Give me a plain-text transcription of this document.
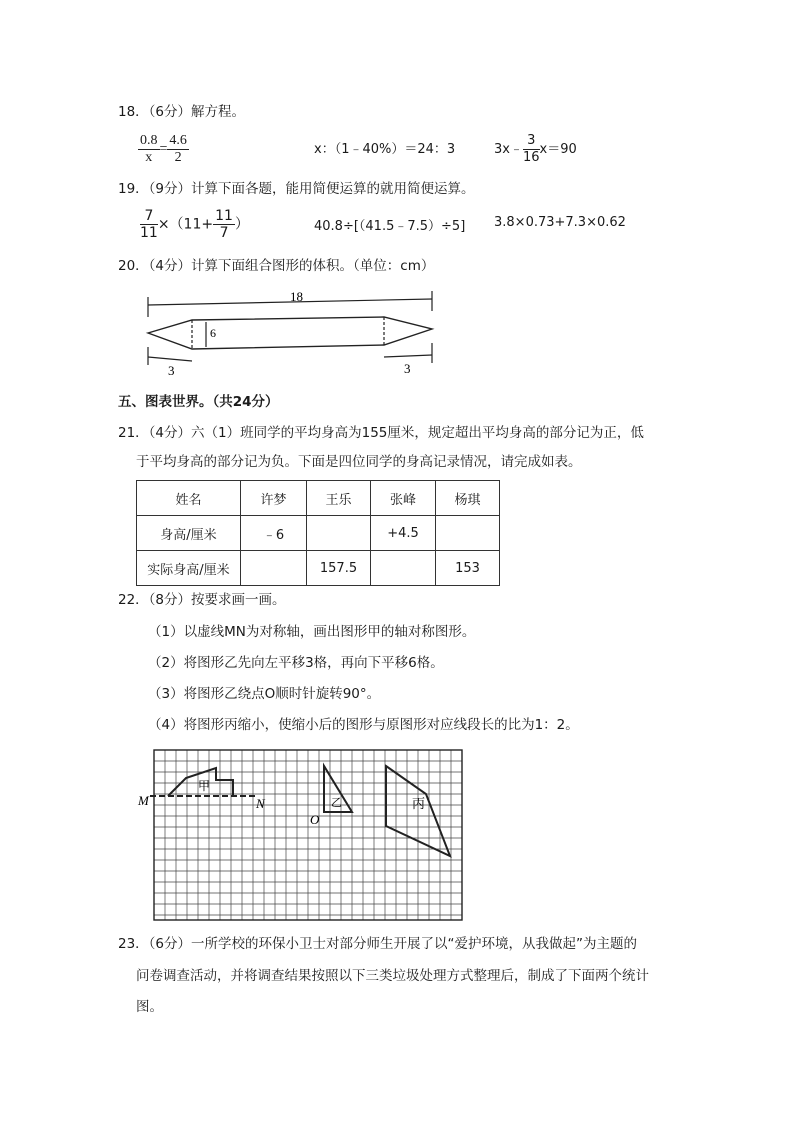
18．（6分）解方程。
$\frac{0.8}{x} = \frac{4.6}{2}$	x：（1﹣40%）＝24：3	3x﹣ $\frac{3}{16} x=90$
19．（9分）计算下面各题，能用简便运算的就用简便运算。
$\frac{7}{11} \times(11+ \frac{11}{7}$ ）	40.8÷[（41.5﹣7.5）÷5] 3.8×0.73+7.3×0.62
20．（4分）计算下面组合图形的体积。（单位：cm）
18
6
3	3
五、图表世界。（共24分）
21．（4分）六（1）班同学的平均身高为155厘米，规定超出平均身高的部分记为正，低
于平均身高的部分记为负。下面是四位同学的身高记录情况，请完成如表。
姓名	许梦	王乐	张峰	杨琪
身高/厘米	﹣6		+4.5	
实际身高/厘米		157.5		153
22．（8分）按要求画一画。
（1）以虚线MN为对称轴，画出图形甲的轴对称图形。
（2）将图形乙先向左平移3格，再向下平移6格。
（3）将图形乙绕点O顺时针旋转90°。
（4）将图形丙缩小，使缩小后的图形与原图形对应线段长的比为1：2。
M	N
甲
乙
O
丙
23．（6分）一所学校的环保小卫士对部分师生开展了以“爱护环境，从我做起”为主题的
问卷调查活动，并将调查结果按照以下三类垃圾处理方式整理后，制成了下面两个统计
图。
